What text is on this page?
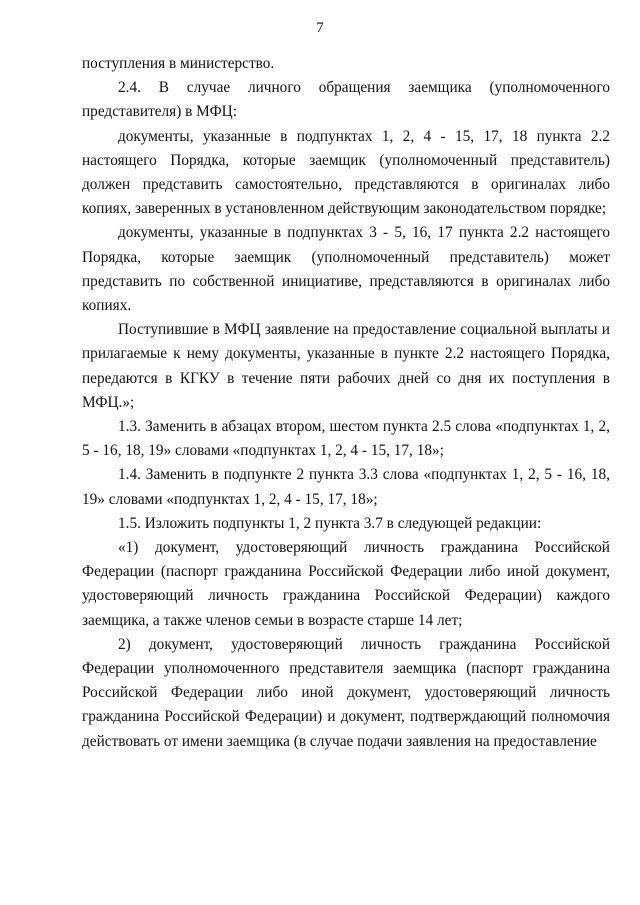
7

поступления в министерство.

2.4. В случае личного обращения заемщика (уполномоченного представителя) в МФЦ:

документы, указанные в подпунктах 1, 2, 4 - 15, 17, 18 пункта 2.2 настоящего Порядка, которые заемщик (уполномоченный представитель) должен представить самостоятельно, представляются в оригиналах либо копиях, заверенных в установленном действующим законодательством порядке;

документы, указанные в подпунктах 3 - 5, 16, 17 пункта 2.2 настоящего Порядка, которые заемщик (уполномоченный представитель) может представить по собственной инициативе, представляются в оригиналах либо копиях.

Поступившие в МФЦ заявление на предоставление социальной выплаты и прилагаемые к нему документы, указанные в пункте 2.2 настоящего Порядка, передаются в КГКУ в течение пяти рабочих дней со дня их поступления в МФЦ.»;

1.3. Заменить в абзацах втором, шестом пункта 2.5 слова «подпунктах 1, 2, 5 - 16, 18, 19» словами «подпунктах 1, 2, 4 - 15, 17, 18»;

1.4. Заменить в подпункте 2 пункта 3.3 слова «подпунктах 1, 2, 5 - 16, 18, 19» словами «подпунктах 1, 2, 4 - 15, 17, 18»;

1.5. Изложить подпункты 1, 2 пункта 3.7 в следующей редакции:

«1) документ, удостоверяющий личность гражданина Российской Федерации (паспорт гражданина Российской Федерации либо иной документ, удостоверяющий личность гражданина Российской Федерации) каждого заемщика, а также членов семьи в возрасте старше 14 лет;

2) документ, удостоверяющий личность гражданина Российской Федерации уполномоченного представителя заемщика (паспорт гражданина Российской Федерации либо иной документ, удостоверяющий личность гражданина Российской Федерации) и документ, подтверждающий полномочия действовать от имени заемщика (в случае подачи заявления на предоставление
